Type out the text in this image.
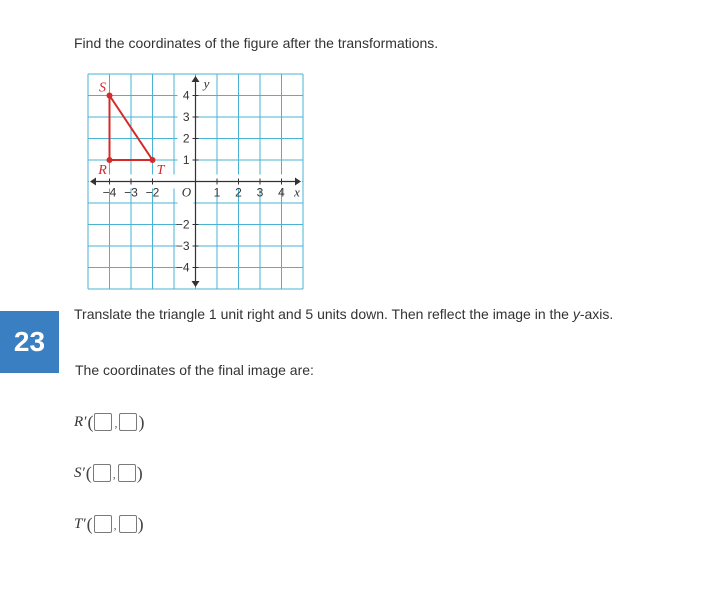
Find the coordinates of the figure after the transformations.
−4 −3 −2	1 2 3 4
4
3
2
1
−2
−3
−4
O	x
y
S
R	T
23
Translate the triangle 1 unit right and 5 units down. Then reflect the image in the y-axis.
The coordinates of the final image are:
R′ ( , )
S′ ( , )
T′ ( , )
